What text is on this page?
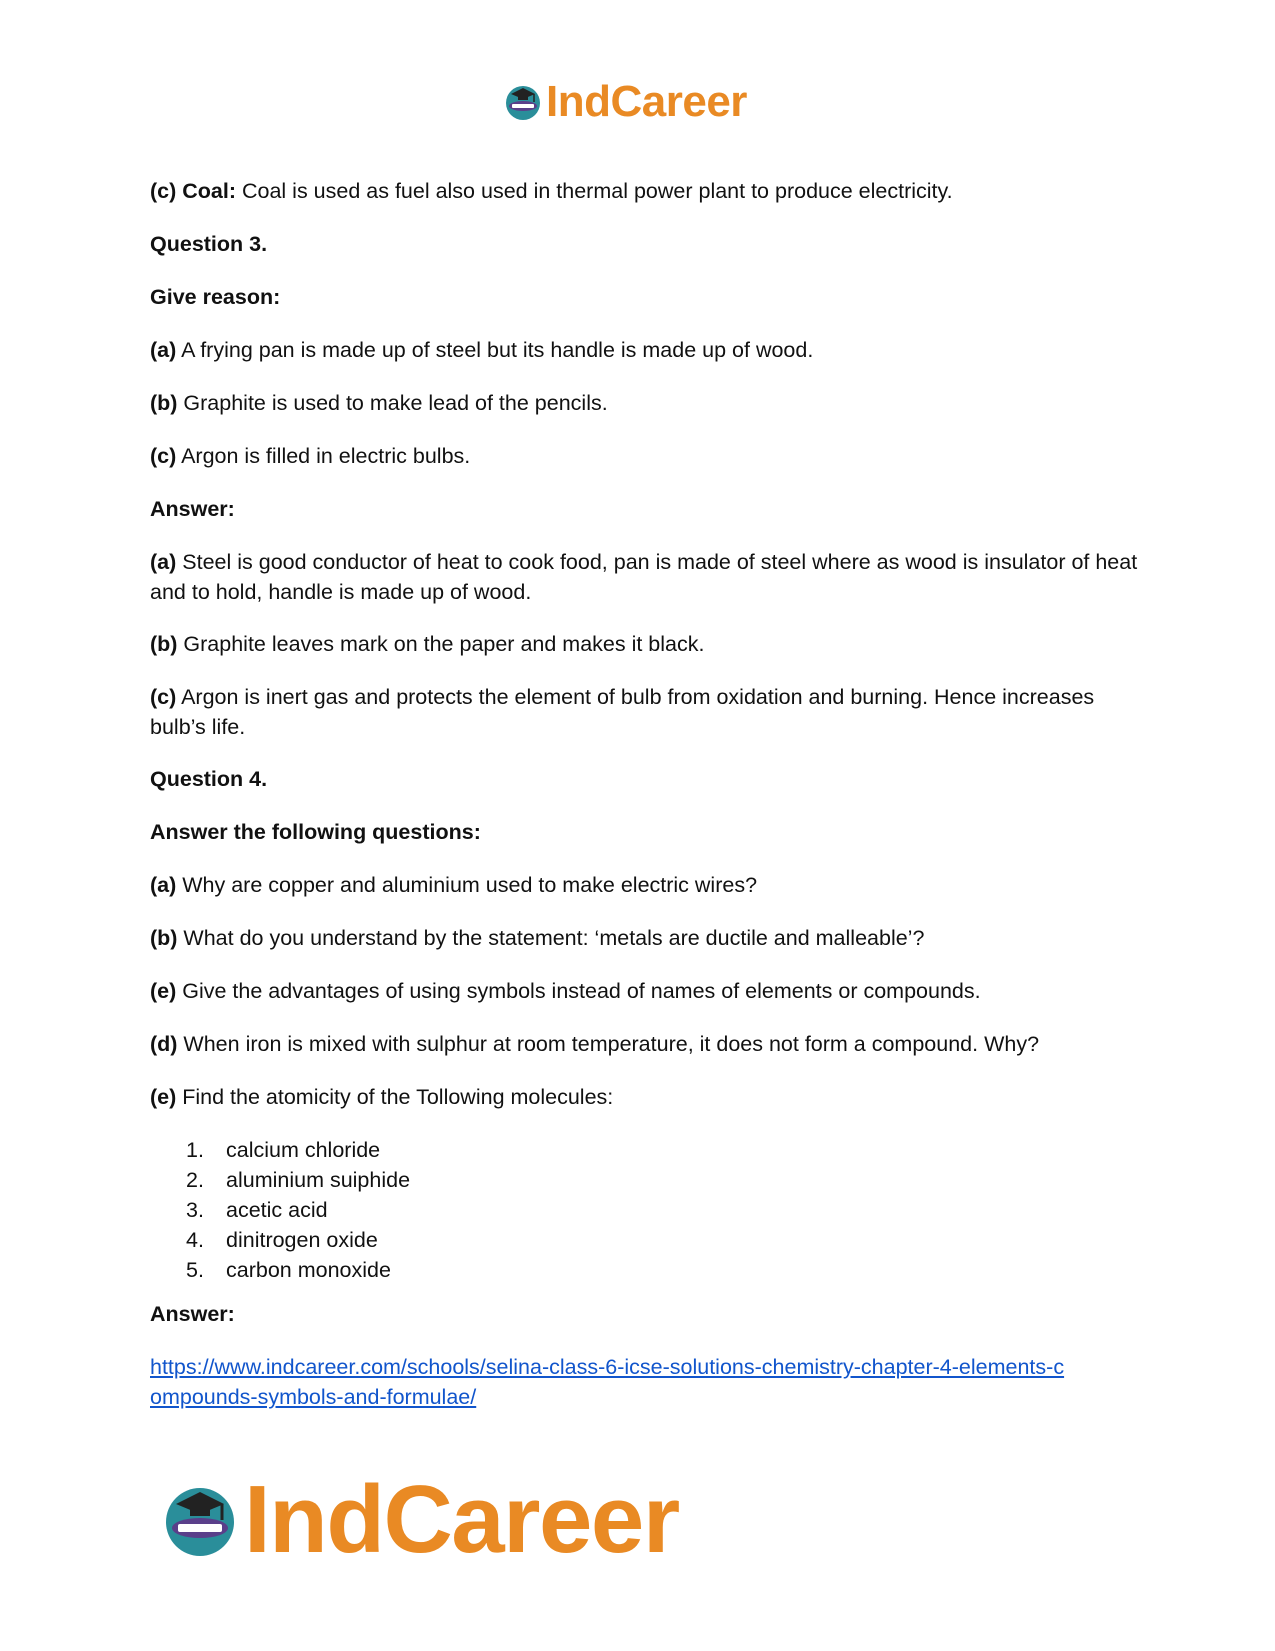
IndCareer

(c) Coal: Coal is used as fuel also used in thermal power plant to produce electricity.

Question 3.

Give reason:

(a) A frying pan is made up of steel but its handle is made up of wood.

(b) Graphite is used to make lead of the pencils.

(c) Argon is filled in electric bulbs.

Answer:

(a) Steel is good conductor of heat to cook food, pan is made of steel where as wood is insulator of heat and to hold, handle is made up of wood.

(b) Graphite leaves mark on the paper and makes it black.

(c) Argon is inert gas and protects the element of bulb from oxidation and burning. Hence increases bulb’s life.

Question 4.

Answer the following questions:

(a) Why are copper and aluminium used to make electric wires?

(b) What do you understand by the statement: ‘metals are ductile and malleable’?

(e) Give the advantages of using symbols instead of names of elements or compounds.

(d) When iron is mixed with sulphur at room temperature, it does not form a compound. Why?

(e) Find the atomicity of the Tollowing molecules:

1.	calcium chloride
2.	aluminium suiphide
3.	acetic acid
4.	dinitrogen oxide
5.	carbon monoxide

Answer:

https://www.indcareer.com/schools/selina-class-6-icse-solutions-chemistry-chapter-4-elements-c
ompounds-symbols-and-formulae/

IndCareer
